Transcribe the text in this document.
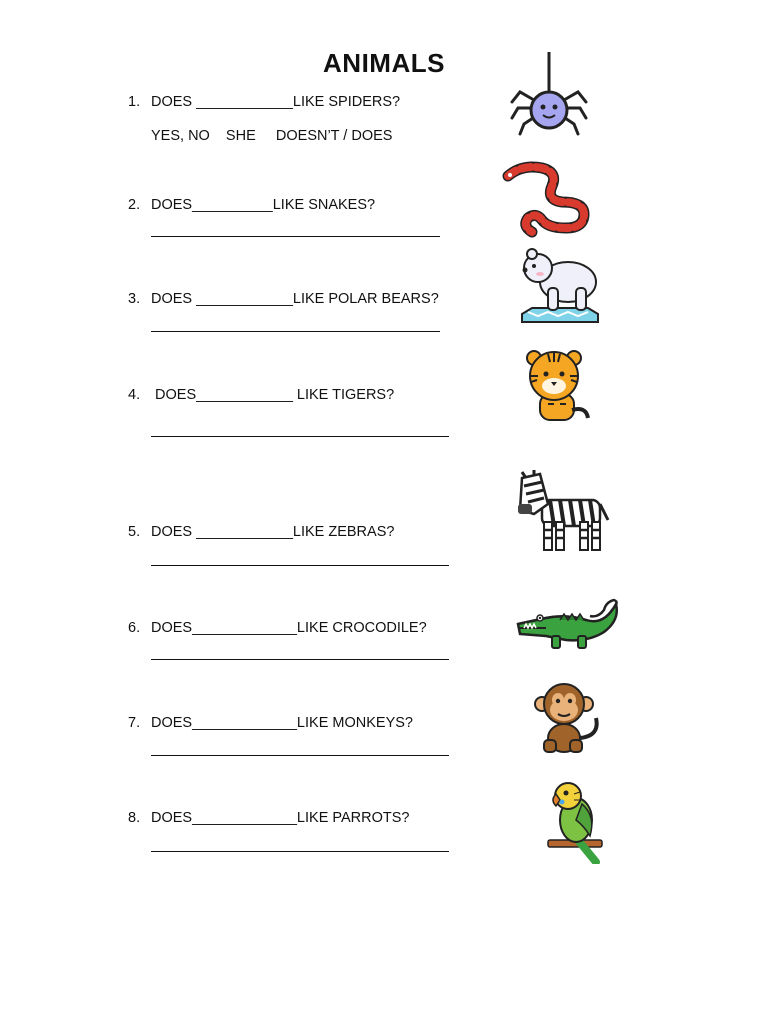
ANIMALS
1. DOES ____________LIKE SPIDERS?
YES, NO    SHE     DOESN’T / DOES
2. DOES__________LIKE SNAKES?
3. DOES ____________LIKE POLAR BEARS?
4. DOES____________ LIKE TIGERS?
5. DOES ____________LIKE ZEBRAS?
6. DOES_____________LIKE CROCODILE?
7. DOES_____________LIKE MONKEYS?
8. DOES_____________LIKE PARROTS?
